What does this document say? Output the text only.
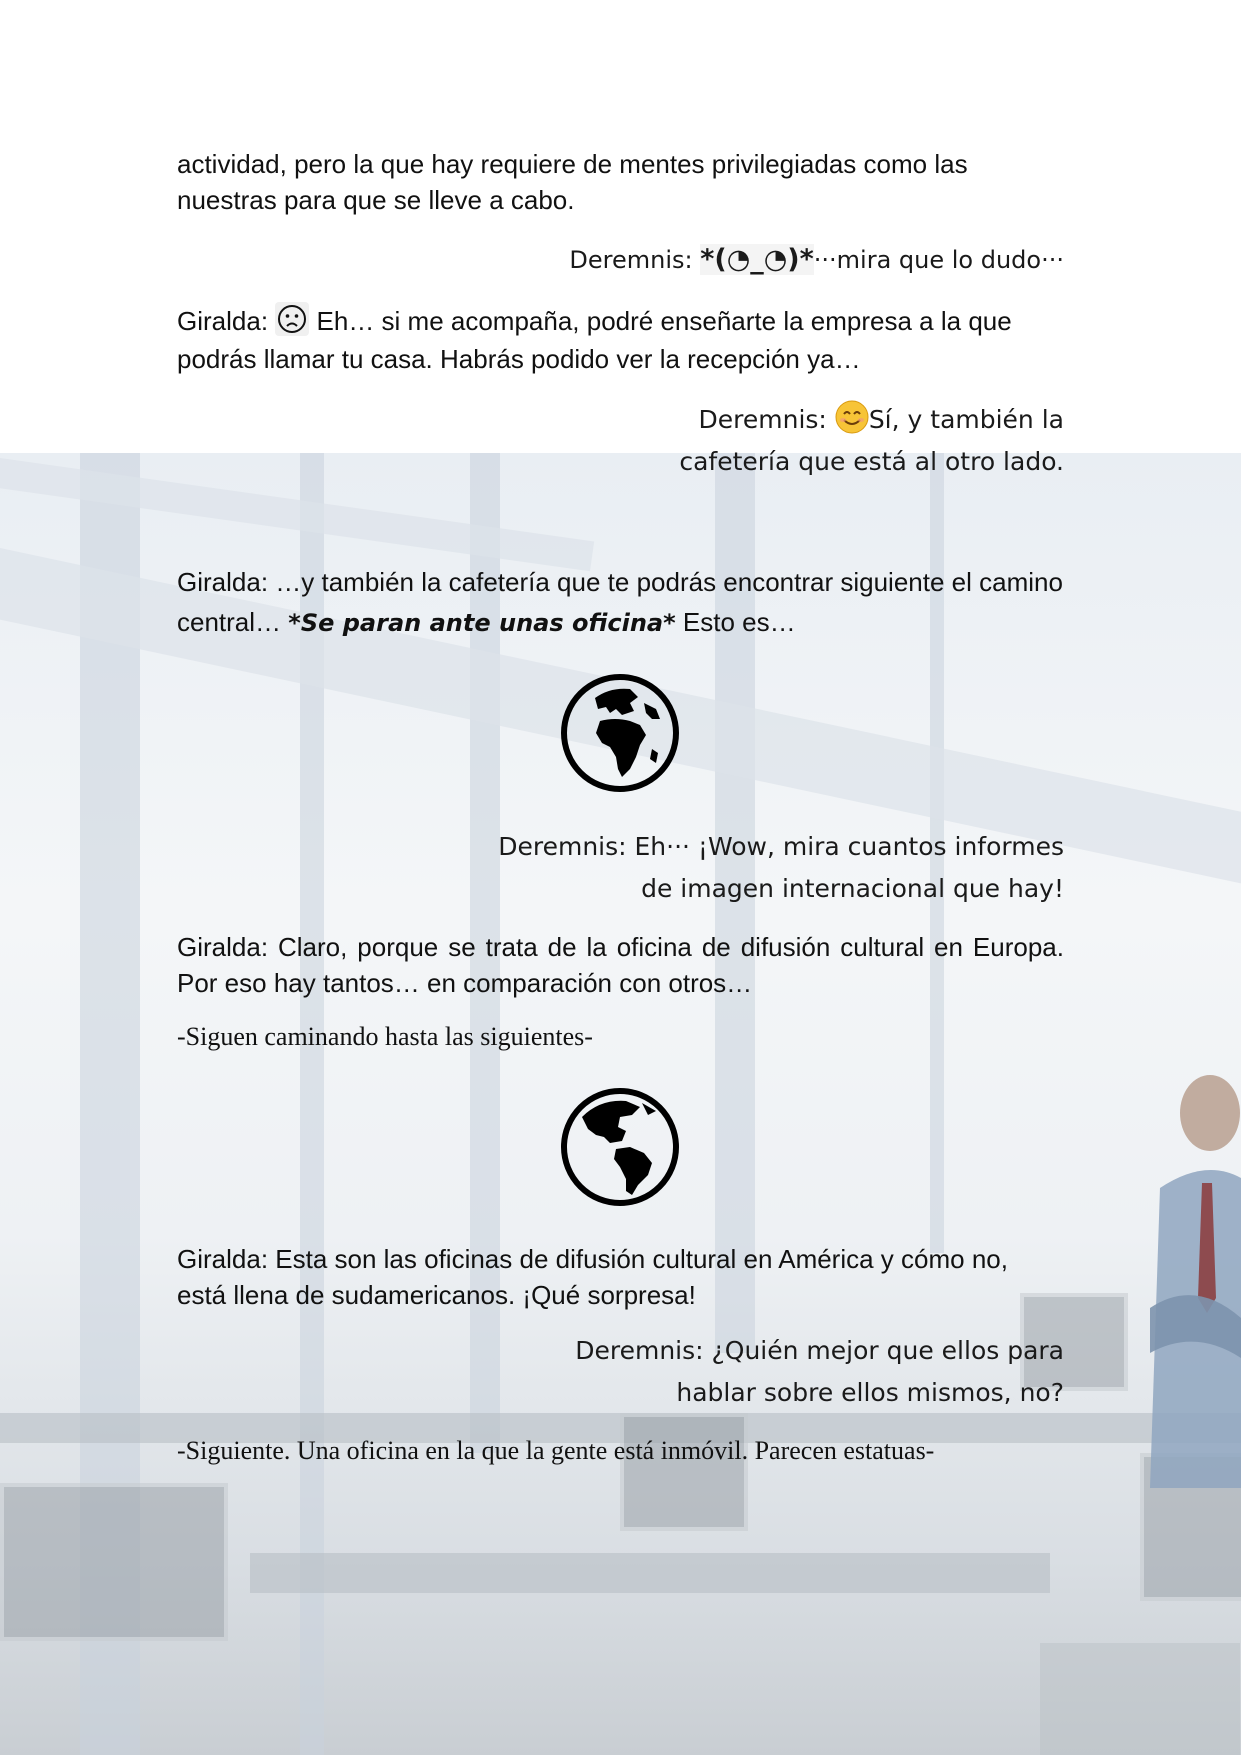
actividad, pero la que hay requiere de mentes privilegiadas como las nuestras para que se lleve a cabo.
Deremnis: *(◔_◔)*···mira que lo dudo···
Giralda: Eh… si me acompaña, podré enseñarte la empresa a la que podrás llamar tu casa. Habrás podido ver la recepción ya…
Deremnis: Sí, y también la
cafetería que está al otro lado.
Giralda: …y también la cafetería que te podrás encontrar siguiente el camino central… *Se paran ante unas oficina* Esto es…
Deremnis: Eh··· ¡Wow, mira cuantos informes
de imagen internacional que hay!
Giralda: Claro, porque se trata de la oficina de difusión cultural en Europa. Por eso hay tantos… en comparación con otros…
-Siguen caminando hasta las siguientes-
Giralda: Esta son las oficinas de difusión cultural en América y cómo no, está llena de sudamericanos. ¡Qué sorpresa!
Deremnis: ¿Quién mejor que ellos para
hablar sobre ellos mismos, no?
-Siguiente. Una oficina en la que la gente está inmóvil. Parecen estatuas-
